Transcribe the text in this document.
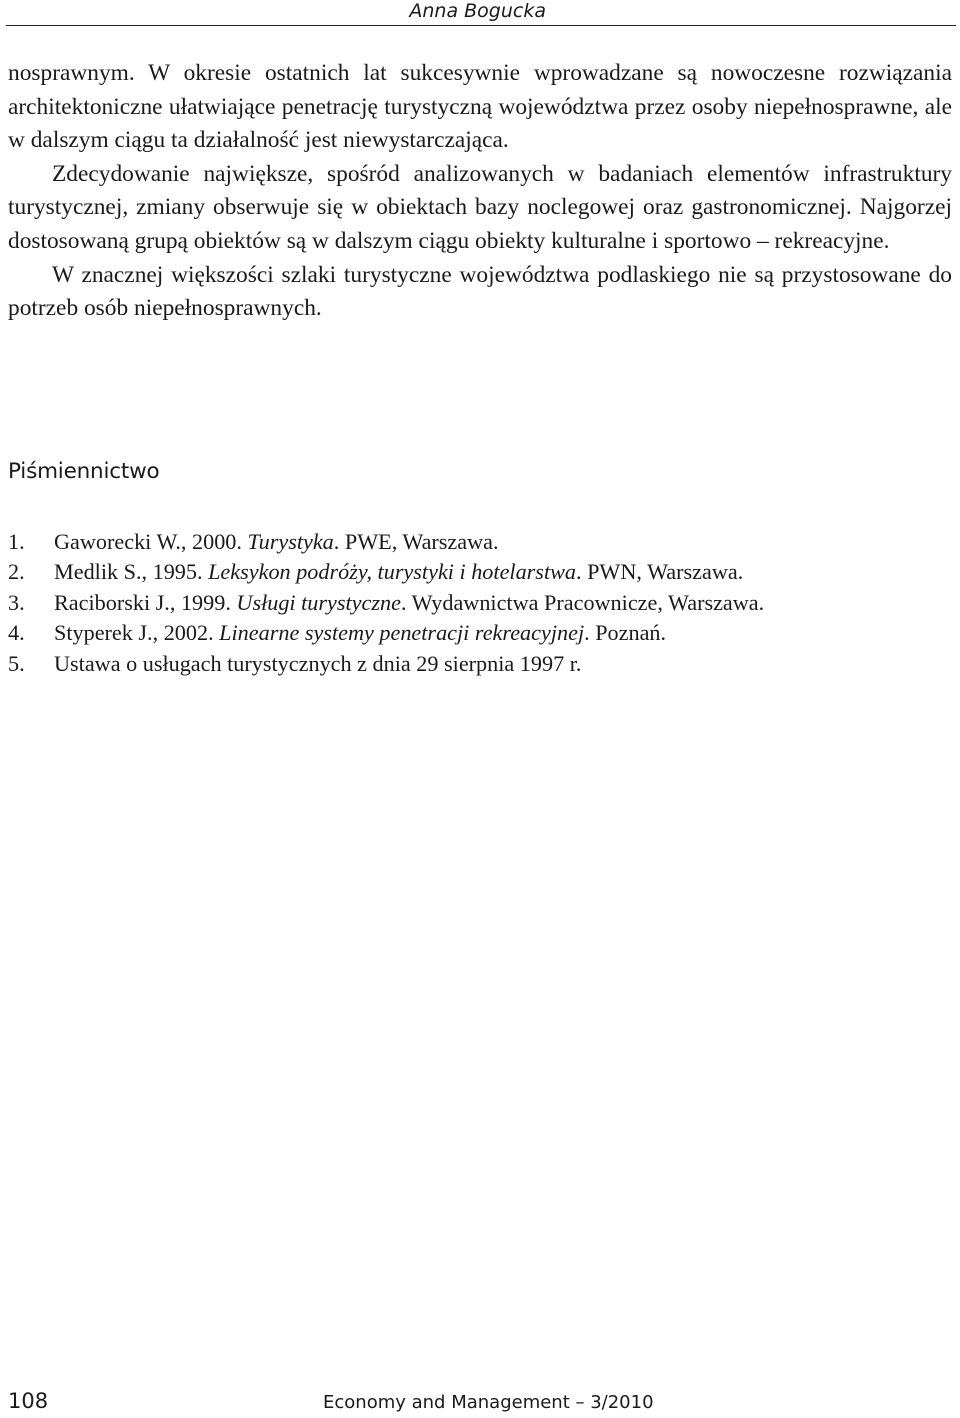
Anna Bogucka

nosprawnym. W okresie ostatnich lat sukcesywnie wprowadzane są nowoczesne rozwiązania architektoniczne ułatwiające penetrację turystyczną województwa przez osoby niepełnosprawne, ale w dalszym ciągu ta działalność jest niewystarczająca.

Zdecydowanie największe, spośród analizowanych w badaniach elementów infrastruktury turystycznej, zmiany obserwuje się w obiektach bazy noclegowej oraz gastronomicznej. Najgorzej dostosowaną grupą obiektów są w dalszym ciągu obiekty kulturalne i sportowo – rekreacyjne.

W znacznej większości szlaki turystyczne województwa podlaskiego nie są przystosowane do potrzeb osób niepełnosprawnych.

Piśmiennictwo
1. Gaworecki W., 2000. Turystyka. PWE, Warszawa.
2. Medlik S., 1995. Leksykon podróży, turystyki i hotelarstwa. PWN, Warszawa.
3. Raciborski J., 1999. Usługi turystyczne. Wydawnictwa Pracownicze, Warszawa.
4. Styperek J., 2002. Linearne systemy penetracji rekreacyjnej. Poznań.
5. Ustawa o usługach turystycznych z dnia 29 sierpnia 1997 r.
108	Economy and Management – 3/2010
